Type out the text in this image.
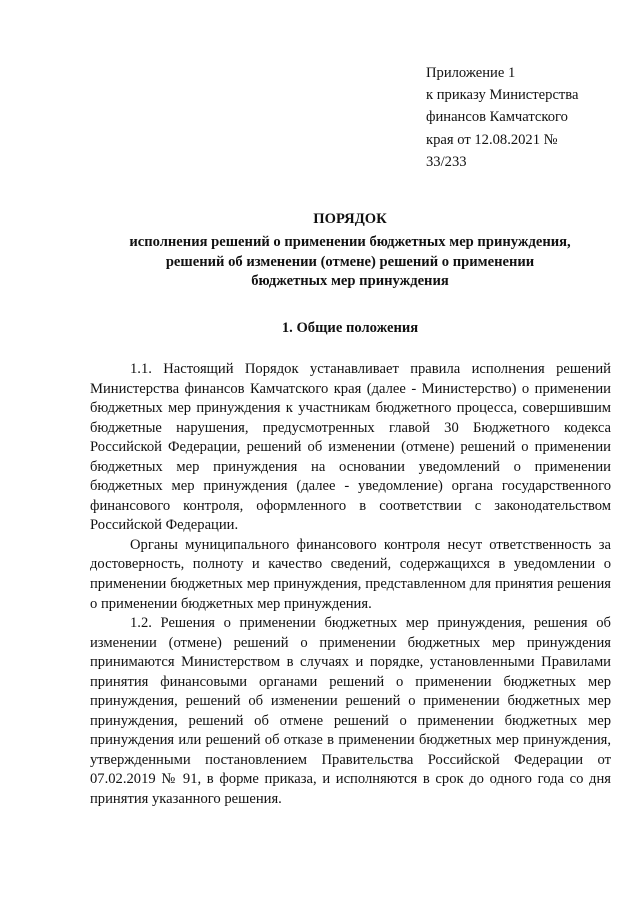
Приложение 1
к приказу Министерства
финансов Камчатского
края от 12.08.2021 №
33/233
ПОРЯДОК
исполнения решений о применении бюджетных мер принуждения,
решений об изменении (отмене) решений о применении
бюджетных мер принуждения
1. Общие положения

1.1. Настоящий Порядок устанавливает правила исполнения решений Министерства финансов Камчатского края (далее - Министерство) о применении бюджетных мер принуждения к участникам бюджетного процесса, совершившим бюджетные нарушения, предусмотренных главой 30 Бюджетного кодекса Российской Федерации, решений об изменении (отмене) решений о применении бюджетных мер принуждения на основании уведомлений о применении бюджетных мер принуждения (далее - уведомление) органа государственного финансового контроля, оформленного в соответствии с законодательством Российской Федерации.

Органы муниципального финансового контроля несут ответственность за достоверность, полноту и качество сведений, содержащихся в уведомлении о применении бюджетных мер принуждения, представленном для принятия решения о применении бюджетных мер принуждения.

1.2. Решения о применении бюджетных мер принуждения, решения об изменении (отмене) решений о применении бюджетных мер принуждения принимаются Министерством в случаях и порядке, установленными Правилами принятия финансовыми органами решений о применении бюджетных мер принуждения, решений об изменении решений о применении бюджетных мер принуждения, решений об отмене решений о применении бюджетных мер принуждения или решений об отказе в применении бюджетных мер принуждения, утвержденными постановлением Правительства Российской Федерации от 07.02.2019 № 91, в форме приказа, и исполняются в срок до одного года со дня принятия указанного решения.
